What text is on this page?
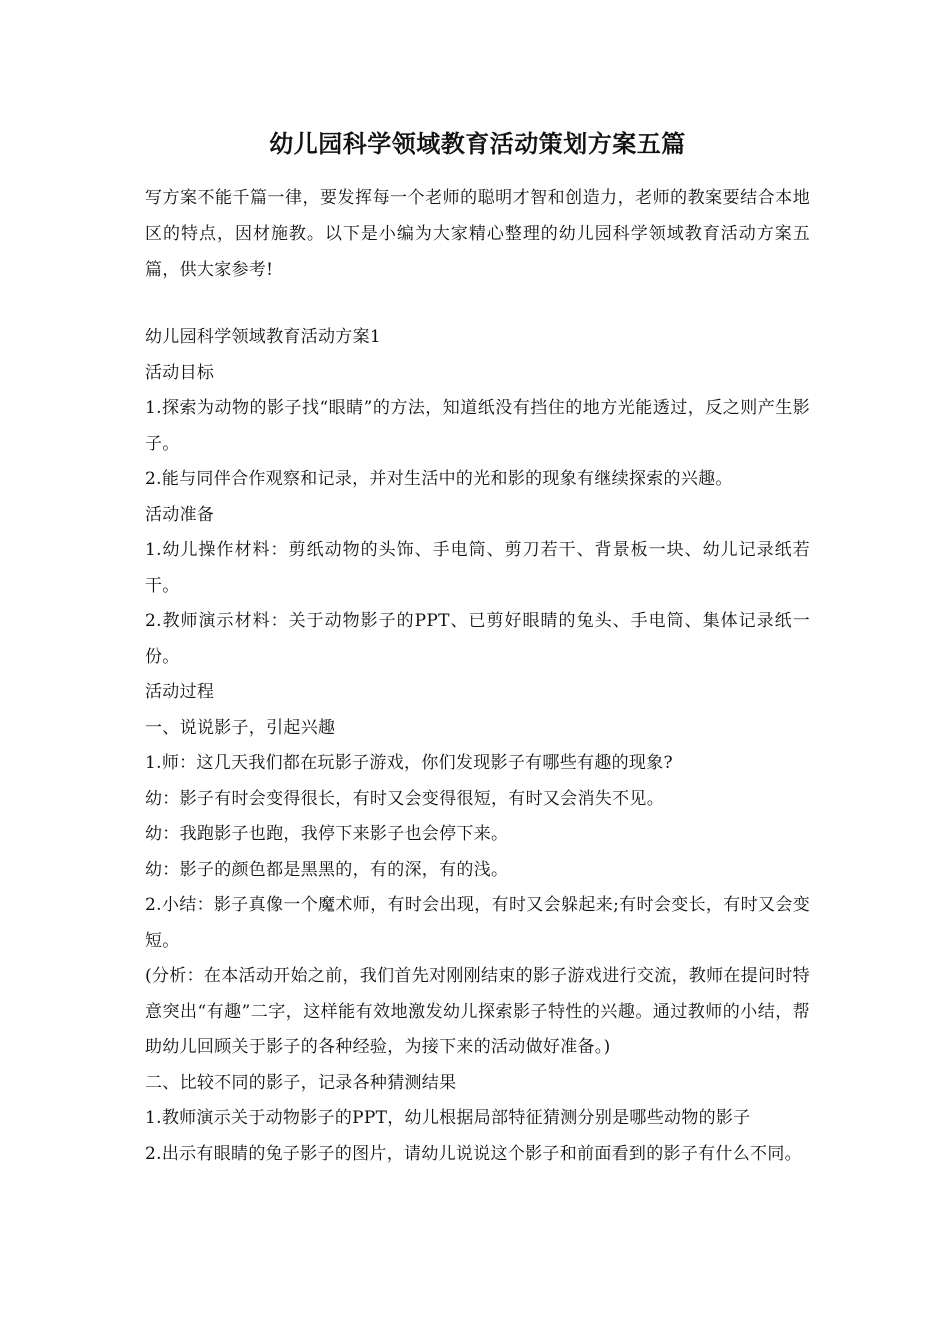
幼儿园科学领域教育活动策划方案五篇

写方案不能千篇一律，要发挥每一个老师的聪明才智和创造力，老师的教案要结合本地区的特点，因材施教。以下是小编为大家精心整理的幼儿园科学领域教育活动方案五篇，供大家参考!

幼儿园科学领域教育活动方案1

活动目标

1.探索为动物的影子找“眼睛”的方法，知道纸没有挡住的地方光能透过，反之则产生影子。

2.能与同伴合作观察和记录，并对生活中的光和影的现象有继续探索的兴趣。

活动准备

1.幼儿操作材料：剪纸动物的头饰、手电筒、剪刀若干、背景板一块、幼儿记录纸若干。

2.教师演示材料：关于动物影子的PPT、已剪好眼睛的兔头、手电筒、集体记录纸一份。

活动过程

一、说说影子，引起兴趣

1.师：这几天我们都在玩影子游戏，你们发现影子有哪些有趣的现象?

幼：影子有时会变得很长，有时又会变得很短，有时又会消失不见。

幼：我跑影子也跑，我停下来影子也会停下来。

幼：影子的颜色都是黑黑的，有的深，有的浅。

2.小结：影子真像一个魔术师，有时会出现，有时又会躲起来;有时会变长，有时又会变短。

(分析：在本活动开始之前，我们首先对刚刚结束的影子游戏进行交流，教师在提问时特意突出“有趣”二字，这样能有效地激发幼儿探索影子特性的兴趣。通过教师的小结，帮助幼儿回顾关于影子的各种经验，为接下来的活动做好准备。)

二、比较不同的影子，记录各种猜测结果

1.教师演示关于动物影子的PPT，幼儿根据局部特征猜测分别是哪些动物的影子

2.出示有眼睛的兔子影子的图片，请幼儿说说这个影子和前面看到的影子有什么不同。
